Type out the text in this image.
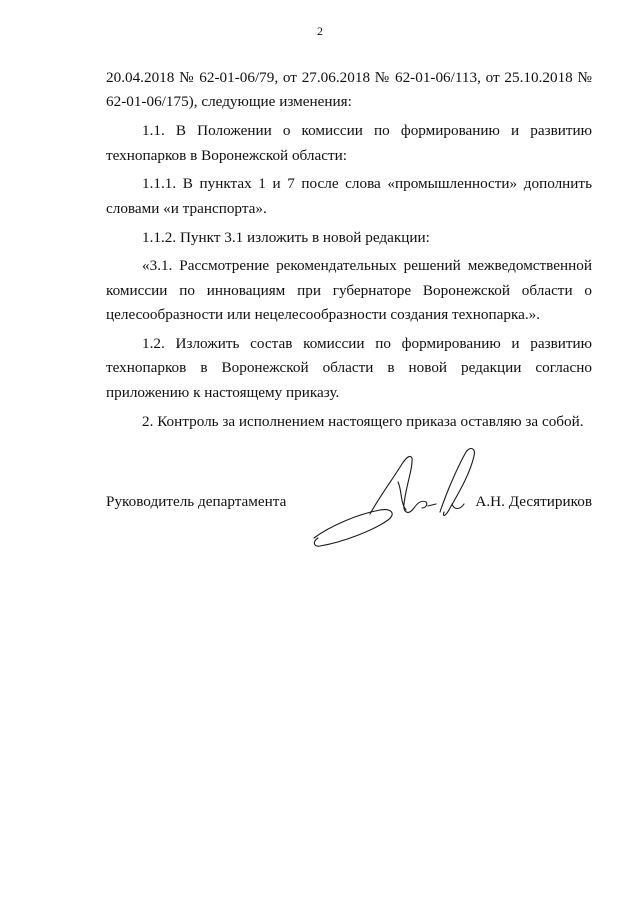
2

20.04.2018 № 62-01-06/79, от 27.06.2018 № 62-01-06/113, от 25.10.2018 № 62-01-06/175), следующие изменения:

1.1. В Положении о комиссии по формированию и развитию технопарков в Воронежской области:

1.1.1. В пунктах 1 и 7 после слова «промышленности» дополнить словами «и транспорта».

1.1.2. Пункт 3.1 изложить в новой редакции:

«3.1. Рассмотрение рекомендательных решений межведомственной комиссии по инновациям при губернаторе Воронежской области о целесообразности или нецелесообразности создания технопарка.».

1.2. Изложить состав комиссии по формированию и развитию технопарков в Воронежской области в новой редакции согласно приложению к настоящему приказу.

2. Контроль за исполнением настоящего приказа оставляю за собой.

Руководитель департамента	А.Н. Десятириков
